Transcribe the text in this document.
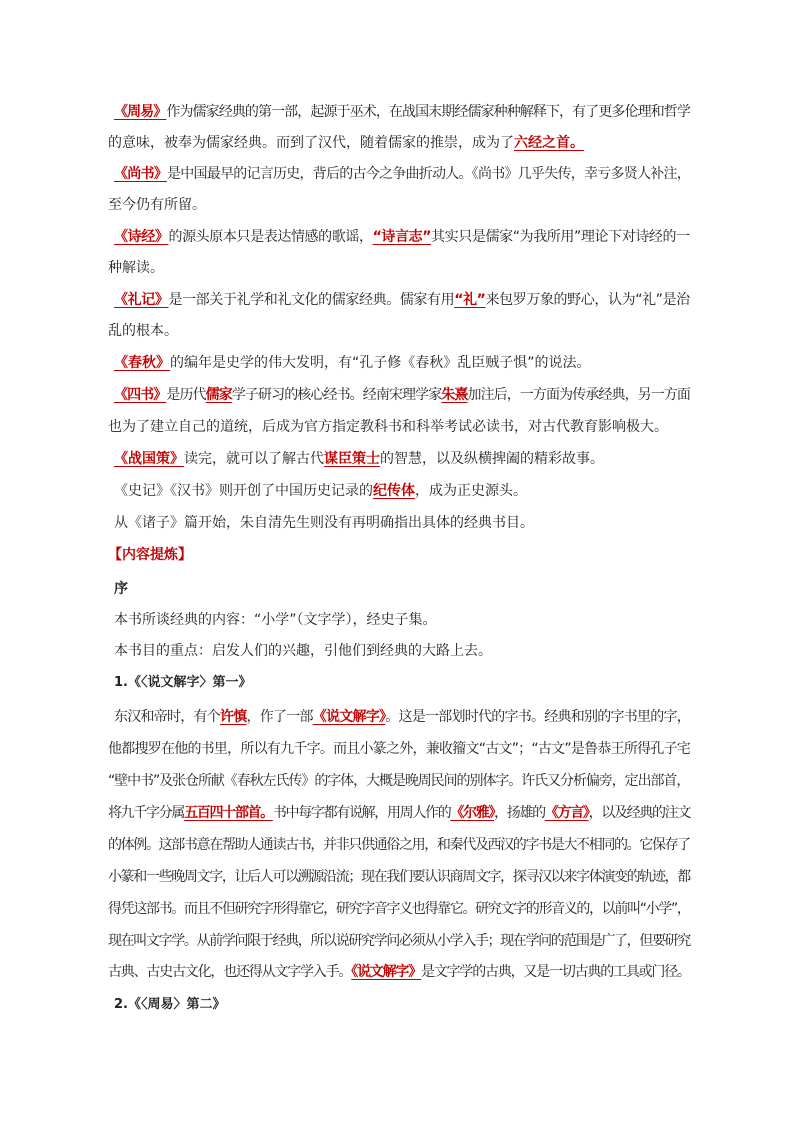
《周易》作为儒家经典的第一部，起源于巫术，在战国末期经儒家种种解释下，有了更多伦理和哲学
的意味，被奉为儒家经典。而到了汉代，随着儒家的推崇，成为了六经之首。
《尚书》是中国最早的记言历史，背后的古今之争曲折动人。《尚书》几乎失传，幸亏多贤人补注，
至今仍有所留。
《诗经》的源头原本只是表达情感的歌谣，“诗言志”其实只是儒家“为我所用”理论下对诗经的一
种解读。
《礼记》是一部关于礼学和礼文化的儒家经典。儒家有用“礼”来包罗万象的野心，认为“礼”是治
乱的根本。
《春秋》的编年是史学的伟大发明，有“孔子修《春秋》乱臣贼子惧”的说法。
《四书》是历代儒家学子研习的核心经书。经南宋理学家朱熹加注后，一方面为传承经典，另一方面
也为了建立自己的道统，后成为官方指定教科书和科举考试必读书，对古代教育影响极大。
《战国策》读完，就可以了解古代谋臣策士的智慧，以及纵横捭阖的精彩故事。
《史记》《汉书》则开创了中国历史记录的纪传体，成为正史源头。
从《诸子》篇开始，朱自清先生则没有再明确指出具体的经典书目。
【内容提炼】
序
本书所谈经典的内容：“小学”（文字学），经史子集。
本书目的重点：启发人们的兴趣，引他们到经典的大路上去。
1.《〈说文解字〉第一》
东汉和帝时，有个许慎，作了一部《说文解字》。这是一部划时代的字书。经典和别的字书里的字，
他都搜罗在他的书里，所以有九千字。而且小篆之外，兼收籀文“古文”；“古文”是鲁恭王所得孔子宅
“壁中书”及张仓所献《春秋左氏传》的字体，大概是晚周民间的别体字。许氏又分析偏旁，定出部首，
将九千字分属五百四十部首。书中每字都有说解，用周人作的《尔雅》，扬雄的《方言》，以及经典的注文
的体例。这部书意在帮助人通读古书，并非只供通俗之用，和秦代及西汉的字书是大不相同的。它保存了
小篆和一些晚周文字，让后人可以溯源沿流；现在我们要认识商周文字，探寻汉以来字体演变的轨迹，都
得凭这部书。而且不但研究字形得靠它，研究字音字义也得靠它。研究文字的形音义的，以前叫“小学”，
现在叫文字学。从前学问限于经典，所以说研究学问必须从小学入手；现在学问的范围是广了，但要研究
古典、古史古文化，也还得从文字学入手。《说文解字》是文字学的古典，又是一切古典的工具或门径。
2.《〈周易〉第二》
